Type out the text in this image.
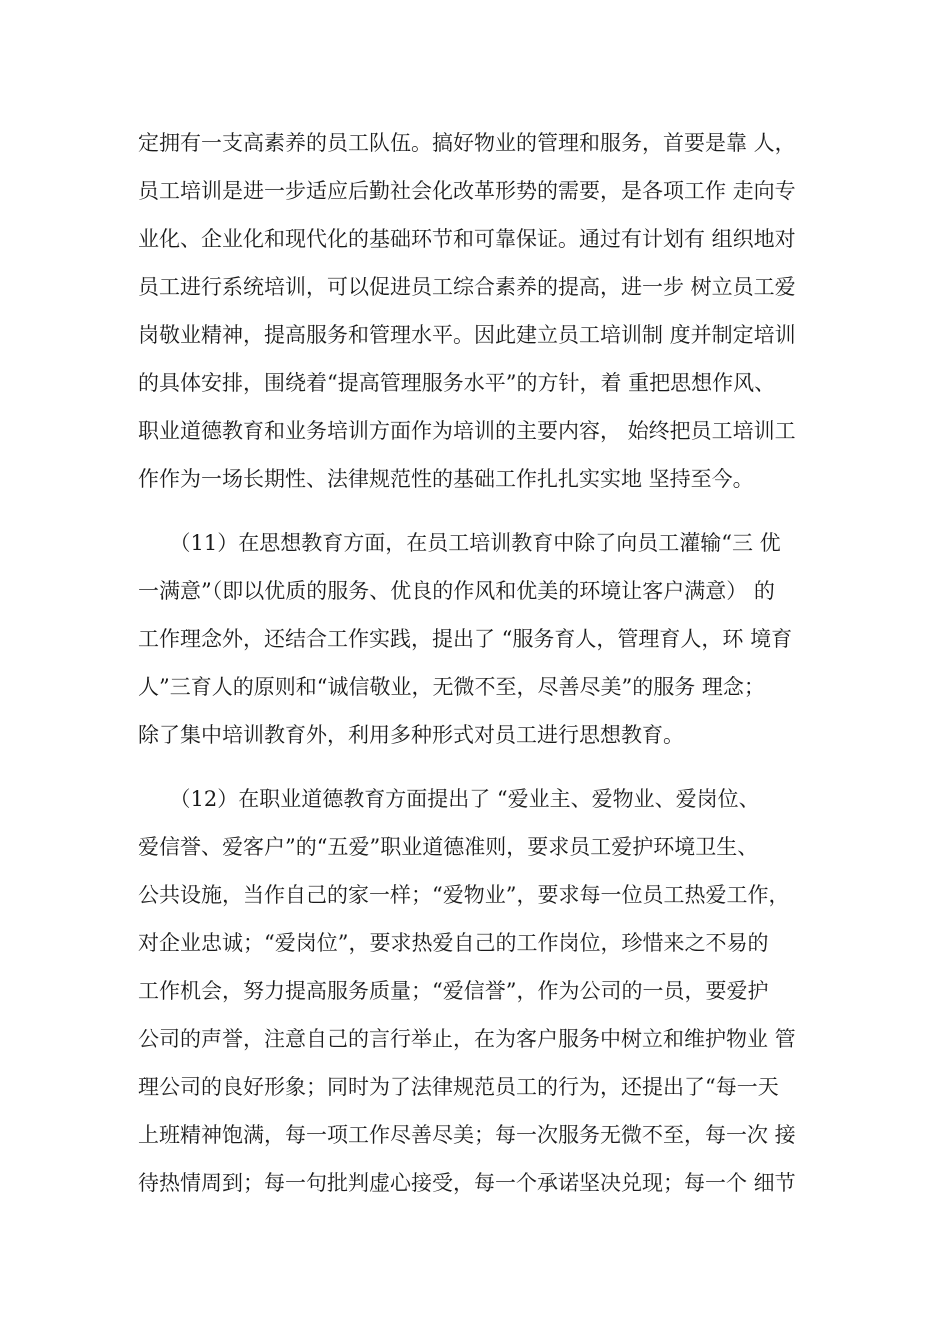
定拥有一支高素养的员工队伍。搞好物业的管理和服务，首要是靠 人，
员工培训是进一步适应后勤社会化改革形势的需要，是各项工作 走向专
业化、企业化和现代化的基础环节和可靠保证。通过有计划有 组织地对
员工进行系统培训，可以促进员工综合素养的提高，进一步 树立员工爱
岗敬业精神，提高服务和管理水平。因此建立员工培训制 度并制定培训
的具体安排，围绕着“提高管理服务水平”的方针，着 重把思想作风、
职业道德教育和业务培训方面作为培训的主要内容， 始终把员工培训工
作作为一场长期性、法律规范性的基础工作扎扎实实地 坚持至今。
　　（11）在思想教育方面，在员工培训教育中除了向员工灌输“三 优
一满意”（即以优质的服务、优良的作风和优美的环境让客户满意） 的
工作理念外，还结合工作实践，提出了 “服务育人，管理育人，环 境育
人”三育人的原则和“诚信敬业，无微不至，尽善尽美”的服务 理念；
除了集中培训教育外，利用多种形式对员工进行思想教育。
　　（12）在职业道德教育方面提出了 “爱业主、爱物业、爱岗位、
爱信誉、爱客户”的“五爱”职业道德准则，要求员工爱护环境卫生、
公共设施，当作自己的家一样；“爱物业”，要求每一位员工热爱工作，
对企业忠诚；“爱岗位”，要求热爱自己的工作岗位，珍惜来之不易的
工作机会，努力提高服务质量；“爱信誉”，作为公司的一员，要爱护
公司的声誉，注意自己的言行举止，在为客户服务中树立和维护物业 管
理公司的良好形象；同时为了法律规范员工的行为，还提出了“每一天
上班精神饱满，每一项工作尽善尽美；每一次服务无微不至，每一次 接
待热情周到；每一句批判虚心接受，每一个承诺坚决兑现；每一个 细节
